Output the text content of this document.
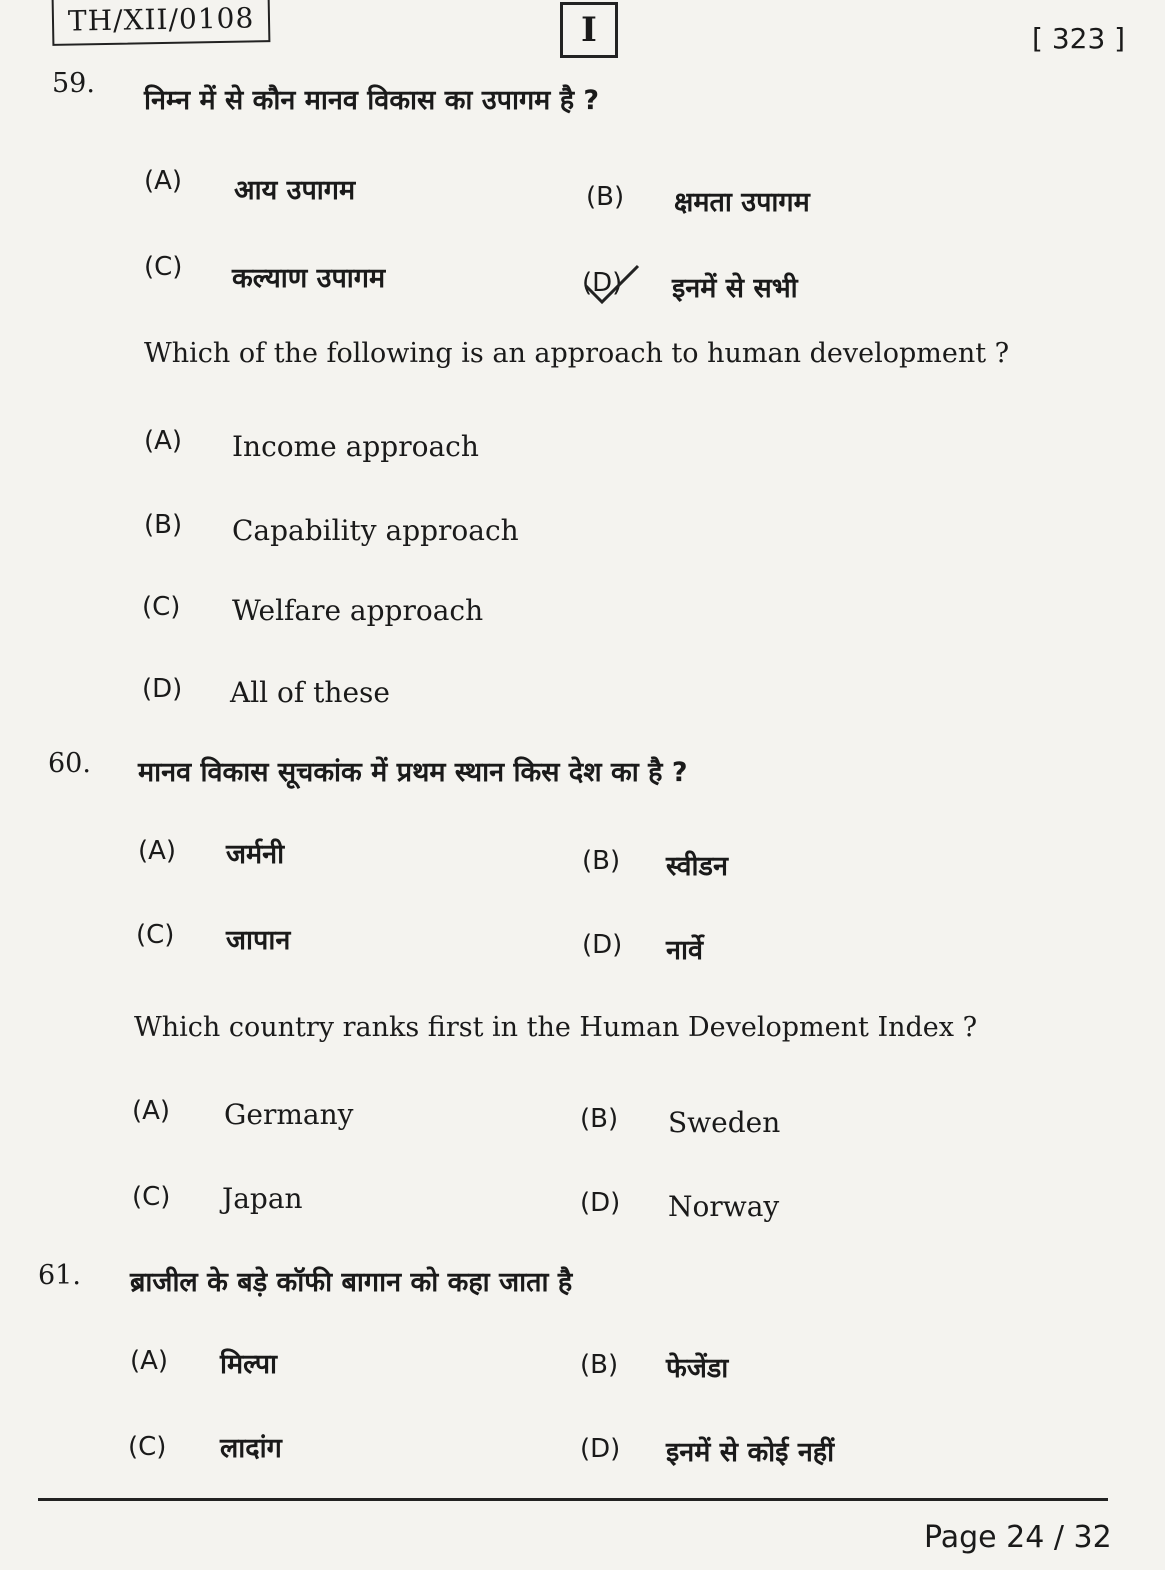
TH/XII/0108	I	[ 323 ]
59.
निम्न में से कौन मानव विकास का उपागम है ?
(A) आय उपागम	(B) क्षमता उपागम
(C) कल्याण उपागम	(D) इनमें से सभी
Which of the following is an approach to human development ?
(A) Income approach
(B) Capability approach
(C) Welfare approach
(D) All of these
60. मानव विकास सूचकांक में प्रथम स्थान किस देश का है ?
(A) जर्मनी	(B) स्वीडन
(C) जापान	(D) नार्वे
Which country ranks first in the Human Development Index ?
(A) Germany	(B) Sweden
(C) Japan	(D) Norway
61. ब्राजील के बड़े कॉफी बागान को कहा जाता है
(A) मिल्पा	(B) फेजेंडा
(C) लादांग	(D) इनमें से कोई नहीं
Page 24 / 32
